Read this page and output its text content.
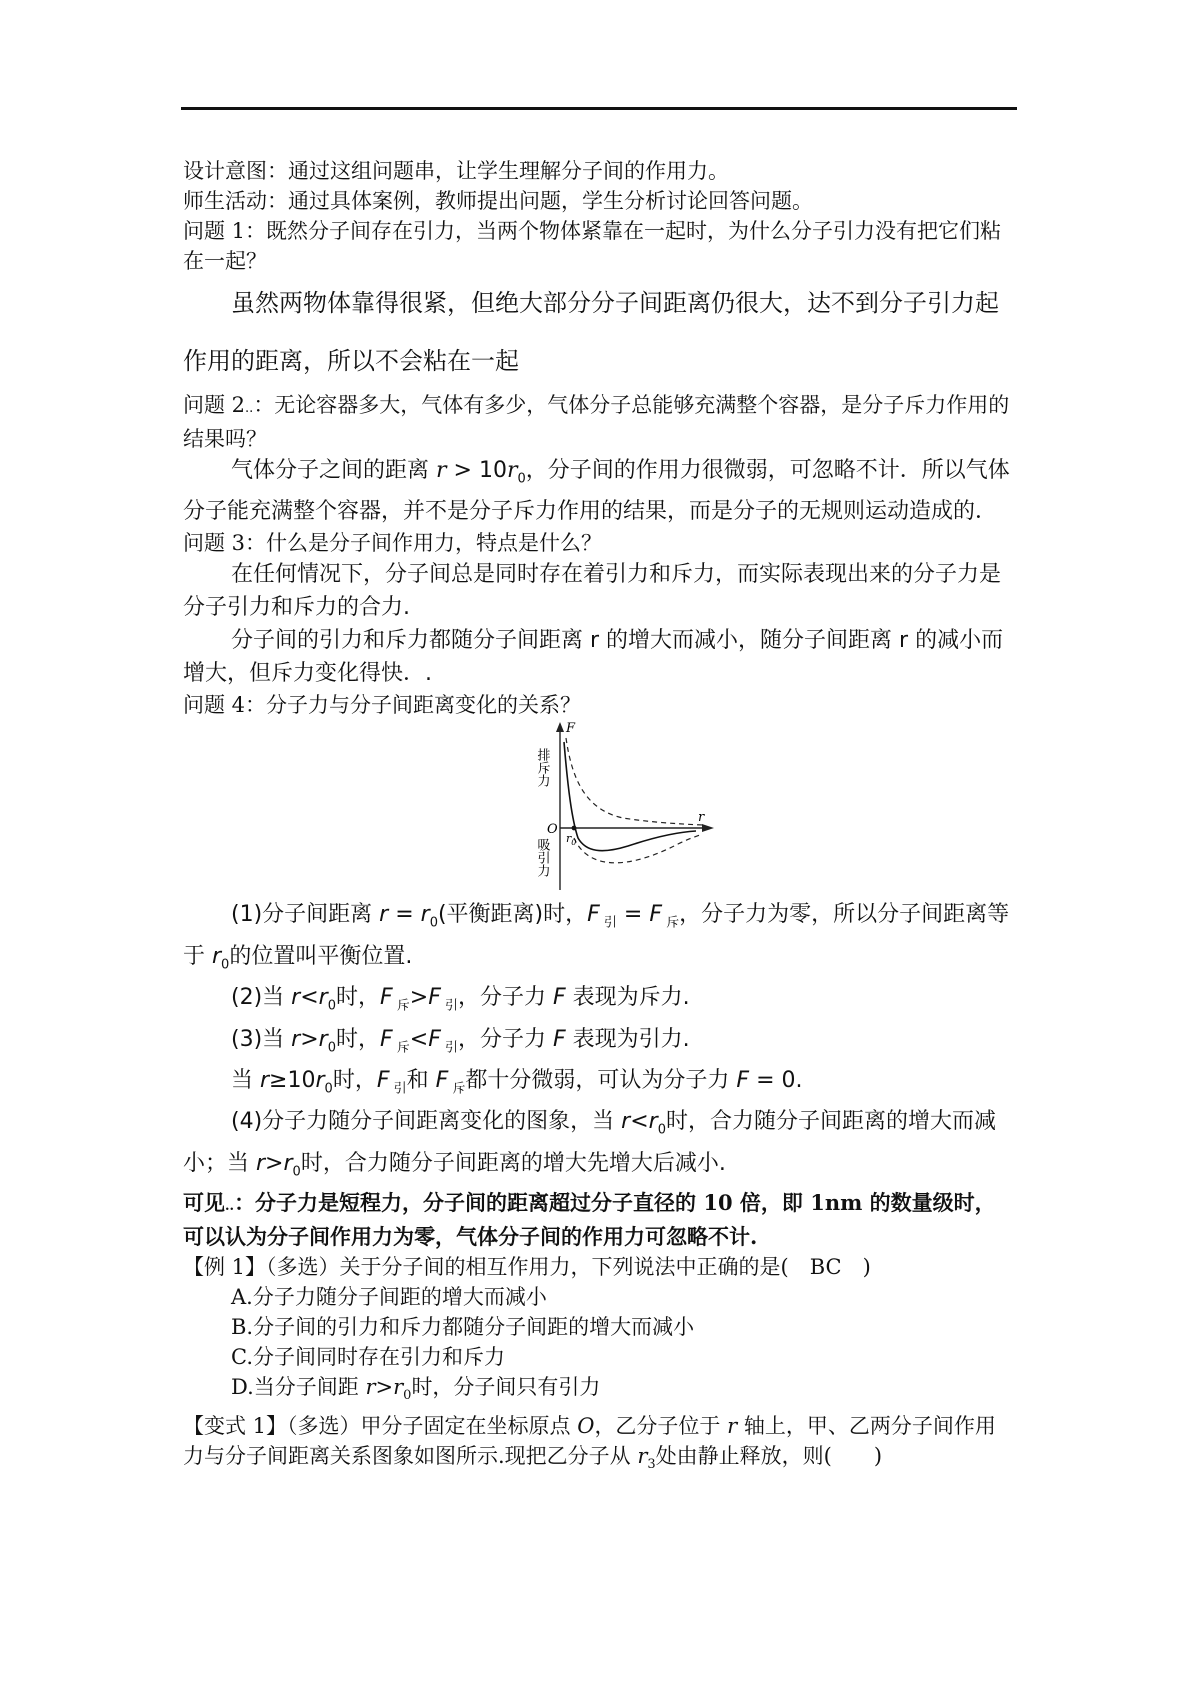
设计意图：通过这组问题串，让学生理解分子间的作用力。

师生活动：通过具体案例，教师提出问题，学生分析讨论回答问题。

问题 1：既然分子间存在引力，当两个物体紧靠在一起时，为什么分子引力没有把它们粘在一起？

虽然两物体靠得很紧，但绝大部分分子间距离仍很大，达不到分子引力起

作用的距离，所以不会粘在一起

问题 2..：无论容器多大，气体有多少，气体分子总能够充满整个容器，是分子斥力作用的结果吗？

气体分子之间的距离 $r > 10r_0$，分子间的作用力很微弱，可忽略不计．所以气体分子能充满整个容器，并不是分子斥力作用的结果，而是分子的无规则运动造成的．

问题 3：什么是分子间作用力，特点是什么？

在任何情况下，分子间总是同时存在着引力和斥力，而实际表现出来的分子力是分子引力和斥力的合力.

分子间的引力和斥力都随分子间距离 r 的增大而减小，随分子间距离 r 的减小而增大，但斥力变化得快．.

问题 4：分子力与分子间距离变化的关系？

F
r
O
$r_0$
排斥力
吸引力

(1)分子间距离 $r = r_0$(平衡距离)时，F $_引$ = F $_斥$，分子力为零，所以分子间距离等于 $r_0$的位置叫平衡位置.

(2)当 $r<r_0$时，F $_斥$>F $_引$，分子力 F 表现为斥力.

(3)当 $r>r_0$时，F $_斥$<F $_引$，分子力 F 表现为引力.

当 $r\ge 10r_0$时，F $_引$和 F $_斥$都十分微弱，可认为分子力 F = 0.

(4)分子力随分子间距离变化的图象，当 $r<r_0$时，合力随分子间距离的增大而减小；当 $r>r_0$时，合力随分子间距离的增大先增大后减小.

可见..：分子力是短程力，分子间的距离超过分子直径的 10 倍，即 1nm 的数量级时，可以认为分子间作用力为零，气体分子间的作用力可忽略不计.

【例 1】（多选）关于分子间的相互作用力，下列说法中正确的是(　BC　)

A.分子力随分子间距的增大而减小

B.分子间的引力和斥力都随分子间距的增大而减小

C.分子间同时存在引力和斥力

D.当分子间距 $r>r_0$时，分子间只有引力

【变式 1】（多选）甲分子固定在坐标原点 O，乙分子位于 r 轴上，甲、乙两分子间作用力与分子间距离关系图象如图所示.现把乙分子从 $r_3$处由静止释放，则(　　)
